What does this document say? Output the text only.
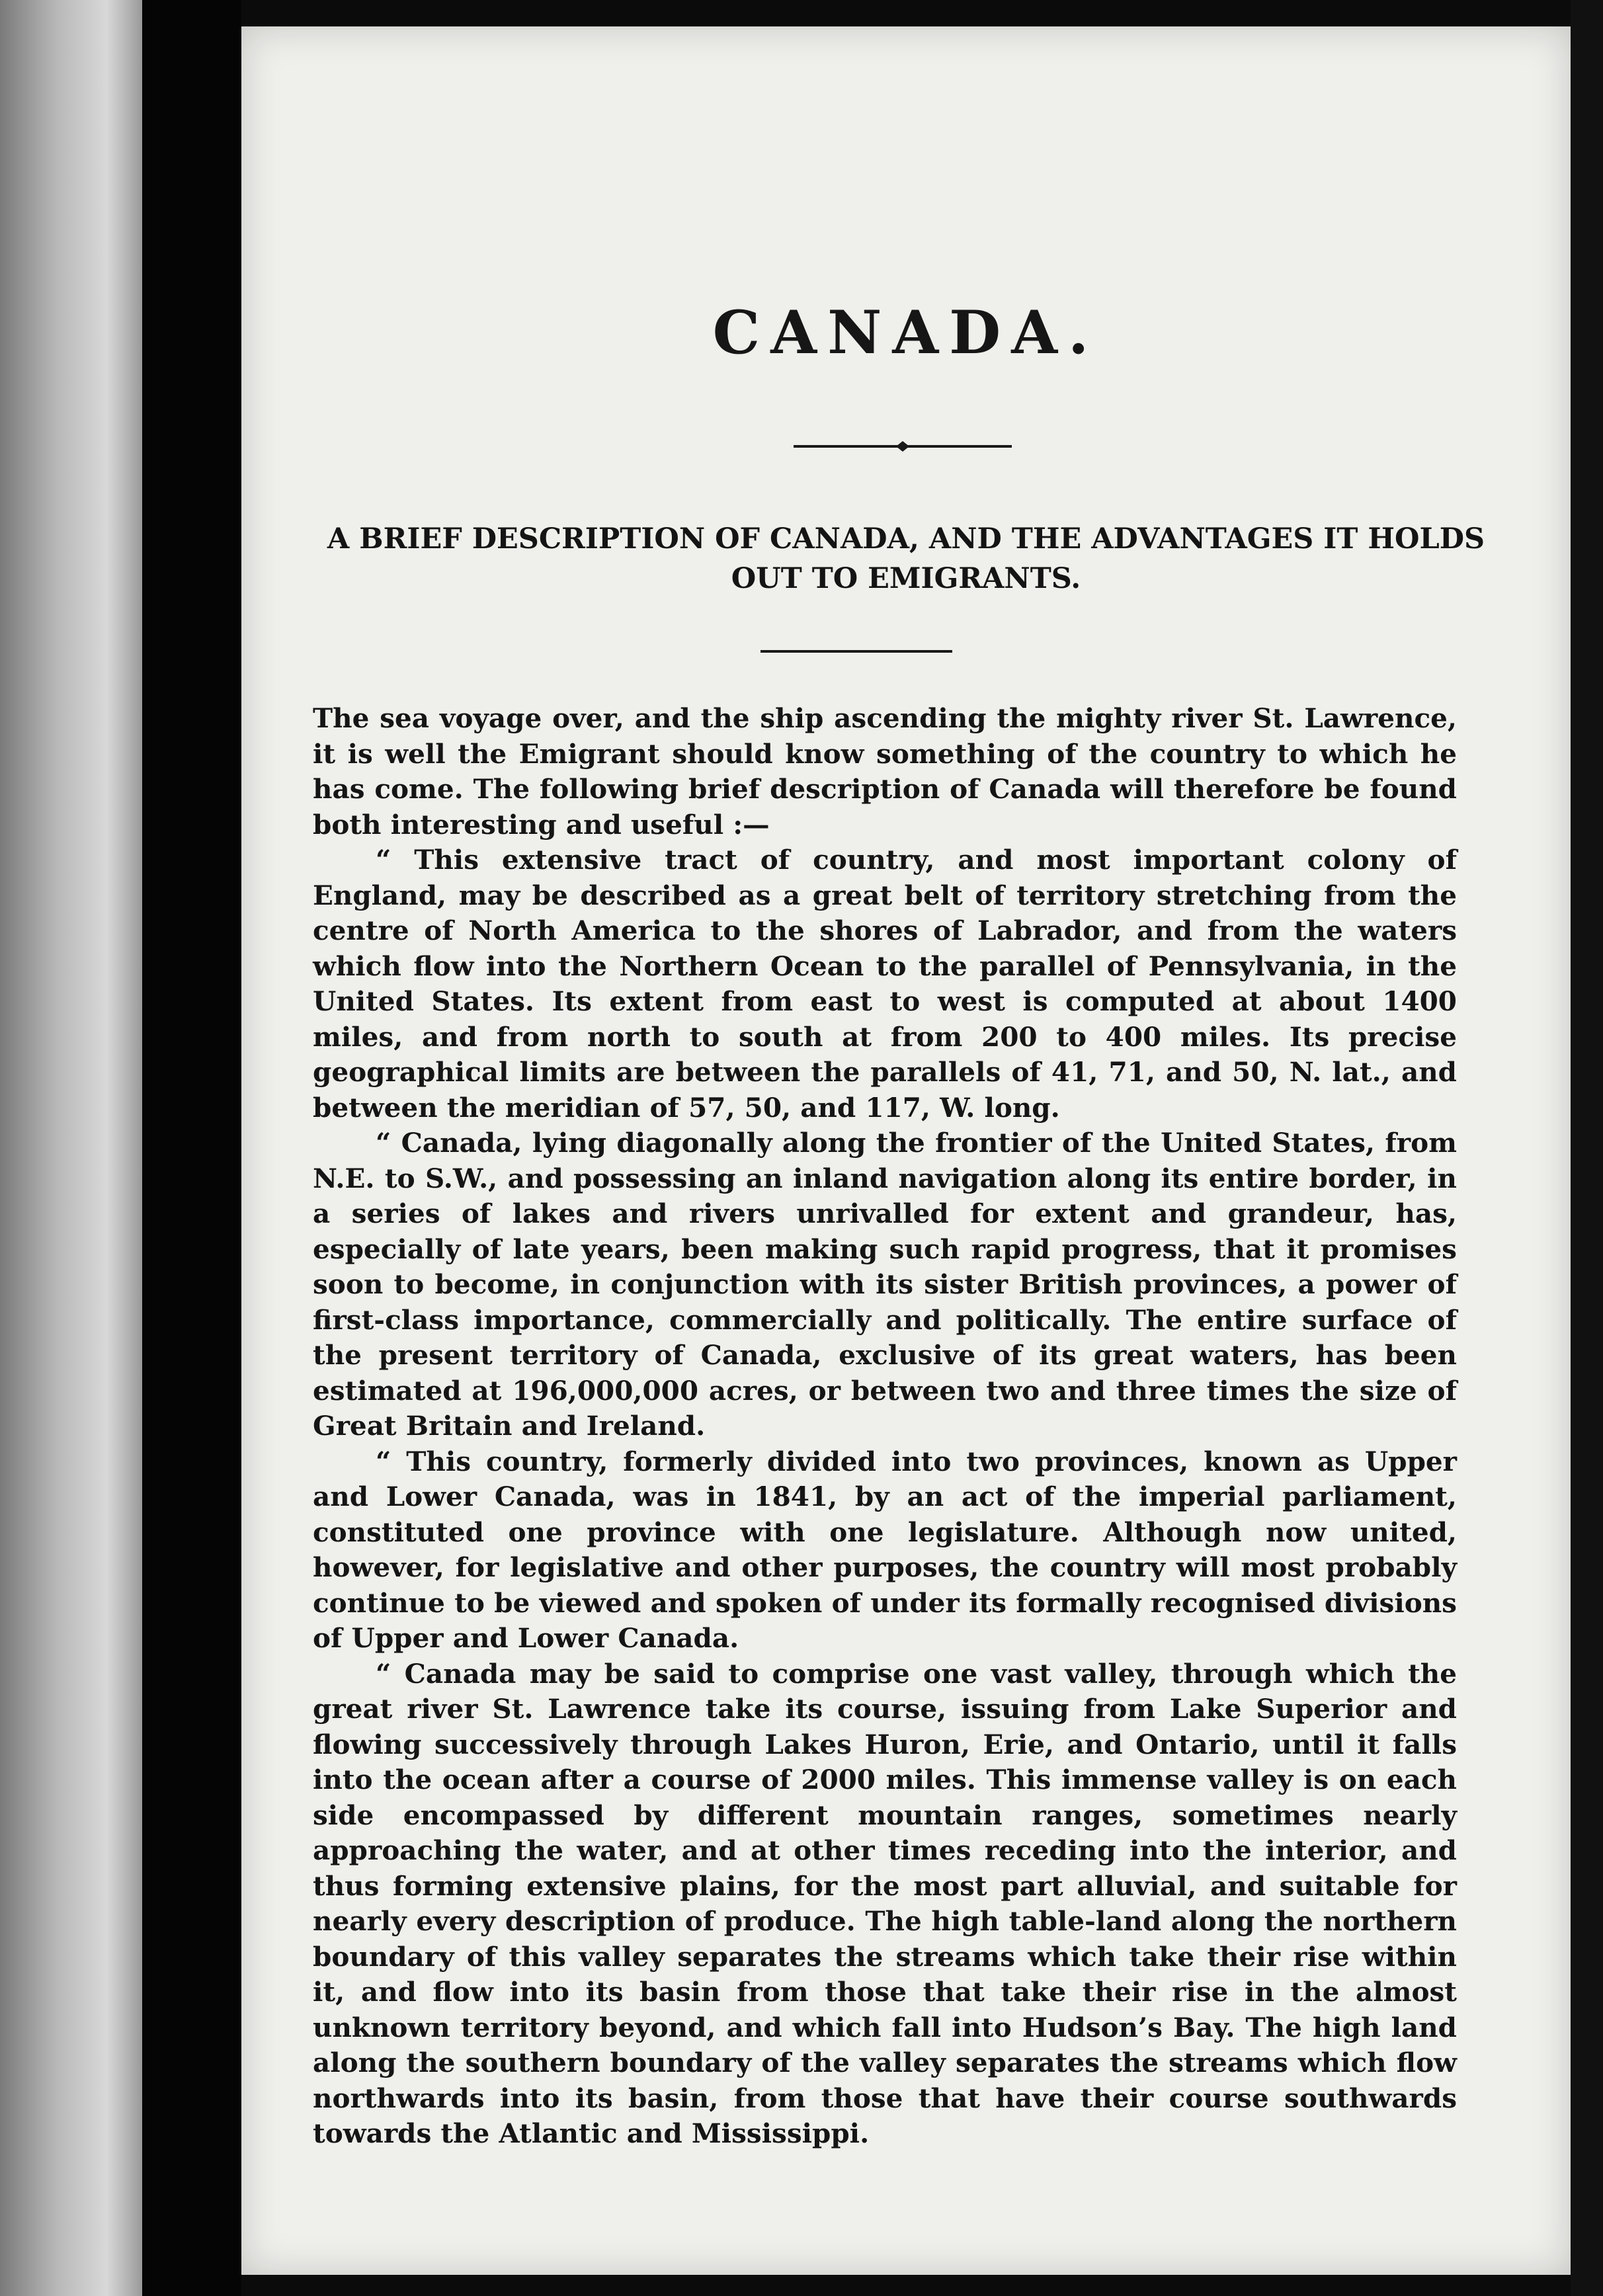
CANADA.
A BRIEF DESCRIPTION OF CANADA, AND THE ADVANTAGES IT HOLDS OUT TO EMIGRANTS.

The sea voyage over, and the ship ascending the mighty river St. Lawrence, it is well the Emigrant should know something of the country to which he has come. The following brief description of Canada will therefore be found both interesting and useful :—

“ This extensive tract of country, and most important colony of England, may be described as a great belt of territory stretching from the centre of North America to the shores of Labrador, and from the waters which flow into the Northern Ocean to the parallel of Pennsylvania, in the United States. Its extent from east to west is computed at about 1400 miles, and from north to south at from 200 to 400 miles. Its precise geographical limits are between the parallels of 41, 71, and 50, N. lat., and between the meridian of 57, 50, and 117, W. long.

“ Canada, lying diagonally along the frontier of the United States, from N.E. to S.W., and possessing an inland navigation along its entire border, in a series of lakes and rivers unrivalled for extent and grandeur, has, especially of late years, been making such rapid progress, that it promises soon to become, in conjunction with its sister British provinces, a power of first-class importance, commercially and politically. The entire surface of the present territory of Canada, exclusive of its great waters, has been estimated at 196,000,000 acres, or between two and three times the size of Great Britain and Ireland.

“ This country, formerly divided into two provinces, known as Upper and Lower Canada, was in 1841, by an act of the imperial parliament, constituted one province with one legislature. Although now united, however, for legislative and other purposes, the country will most probably continue to be viewed and spoken of under its formally recognised divisions of Upper and Lower Canada.

“ Canada may be said to comprise one vast valley, through which the great river St. Lawrence take its course, issuing from Lake Superior and flowing successively through Lakes Huron, Erie, and Ontario, until it falls into the ocean after a course of 2000 miles. This immense valley is on each side encompassed by different mountain ranges, sometimes nearly approaching the water, and at other times receding into the interior, and thus forming extensive plains, for the most part alluvial, and suitable for nearly every description of produce. The high table-land along the northern boundary of this valley separates the streams which take their rise within it, and flow into its basin from those that take their rise in the almost unknown territory beyond, and which fall into Hudson’s Bay. The high land along the southern boundary of the valley separates the streams which flow northwards into its basin, from those that have their course southwards towards the Atlantic and Mississippi.
